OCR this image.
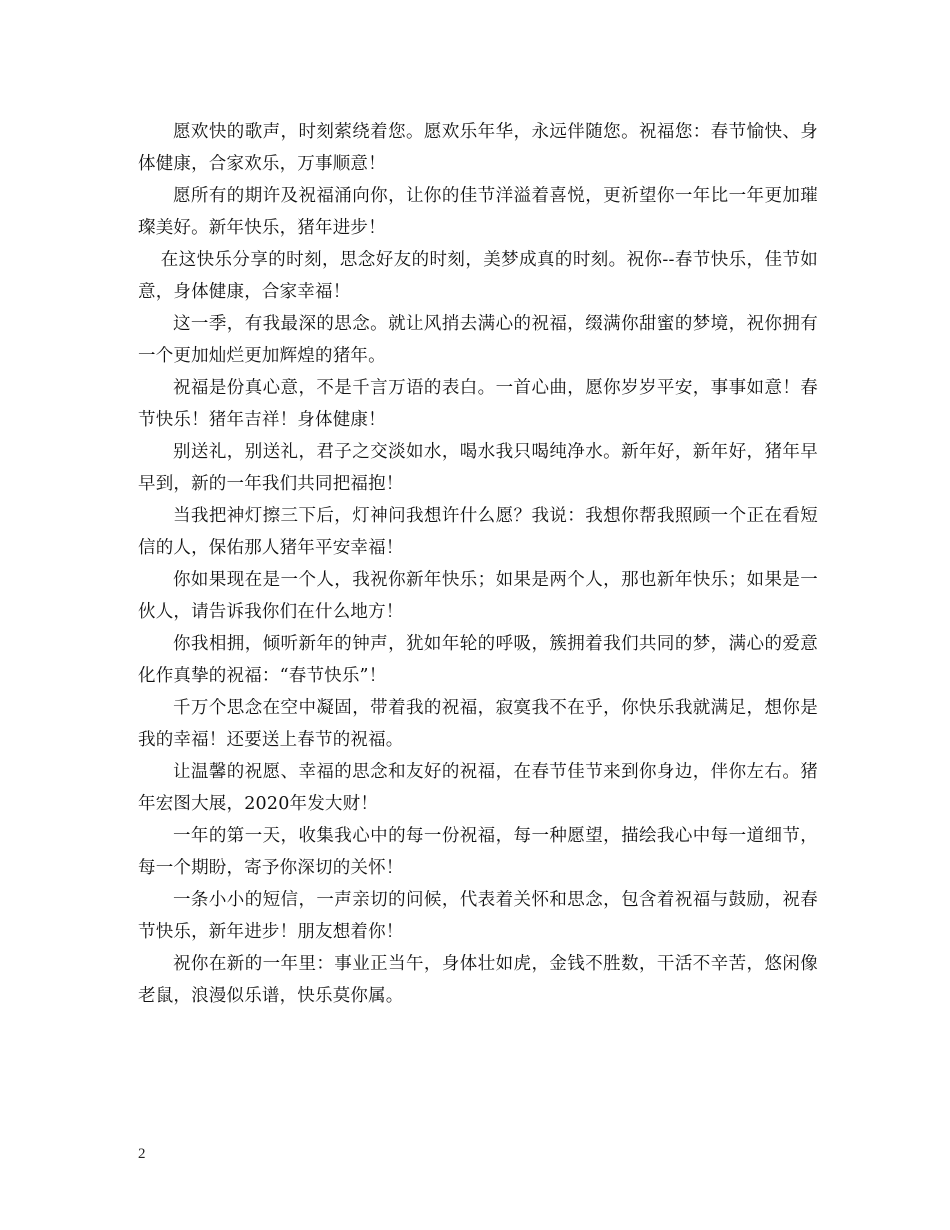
愿欢快的歌声，时刻萦绕着您。愿欢乐年华，永远伴随您。祝福您：春节愉快、身体健康，合家欢乐，万事顺意！

愿所有的期许及祝福涌向你，让你的佳节洋溢着喜悦，更祈望你一年比一年更加璀璨美好。新年快乐，猪年进步！

在这快乐分享的时刻，思念好友的时刻，美梦成真的时刻。祝你--春节快乐，佳节如意，身体健康，合家幸福！

这一季，有我最深的思念。就让风捎去满心的祝福，缀满你甜蜜的梦境，祝你拥有一个更加灿烂更加辉煌的猪年。

祝福是份真心意，不是千言万语的表白。一首心曲，愿你岁岁平安，事事如意！春节快乐！猪年吉祥！身体健康！

别送礼，别送礼，君子之交淡如水，喝水我只喝纯净水。新年好，新年好，猪年早早到，新的一年我们共同把福抱！

当我把神灯擦三下后，灯神问我想许什么愿？我说：我想你帮我照顾一个正在看短信的人，保佑那人猪年平安幸福！

你如果现在是一个人，我祝你新年快乐；如果是两个人，那也新年快乐；如果是一伙人，请告诉我你们在什么地方！

你我相拥，倾听新年的钟声，犹如年轮的呼吸，簇拥着我们共同的梦，满心的爱意化作真挚的祝福：“春节快乐”！

千万个思念在空中凝固，带着我的祝福，寂寞我不在乎，你快乐我就满足，想你是我的幸福！还要送上春节的祝福。

让温馨的祝愿、幸福的思念和友好的祝福，在春节佳节来到你身边，伴你左右。猪年宏图大展，2020年发大财！

一年的第一天，收集我心中的每一份祝福，每一种愿望，描绘我心中每一道细节，每一个期盼，寄予你深切的关怀！

一条小小的短信，一声亲切的问候，代表着关怀和思念，包含着祝福与鼓励，祝春节快乐，新年进步！朋友想着你！

祝你在新的一年里：事业正当午，身体壮如虎，金钱不胜数，干活不辛苦，悠闲像老鼠，浪漫似乐谱，快乐莫你属。

2
